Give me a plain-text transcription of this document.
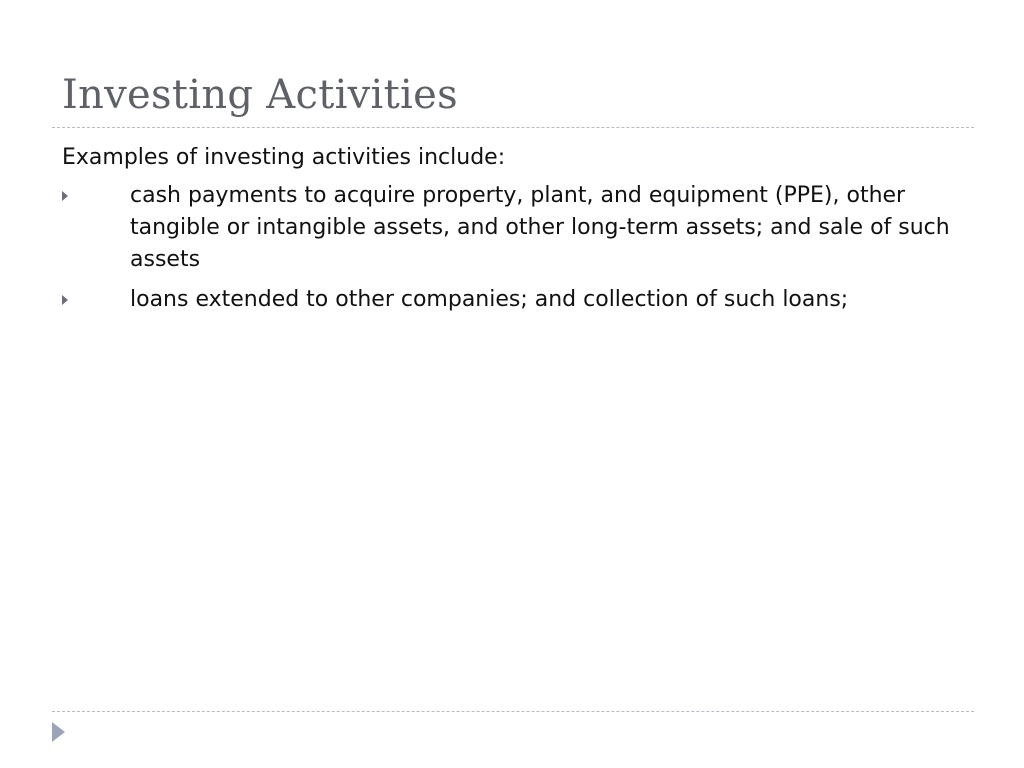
Investing Activities

Examples of investing activities include:

cash payments to acquire property, plant, and equipment (PPE), other tangible or intangible assets, and other long-term assets; and sale of such assets
loans extended to other companies; and collection of such loans;
